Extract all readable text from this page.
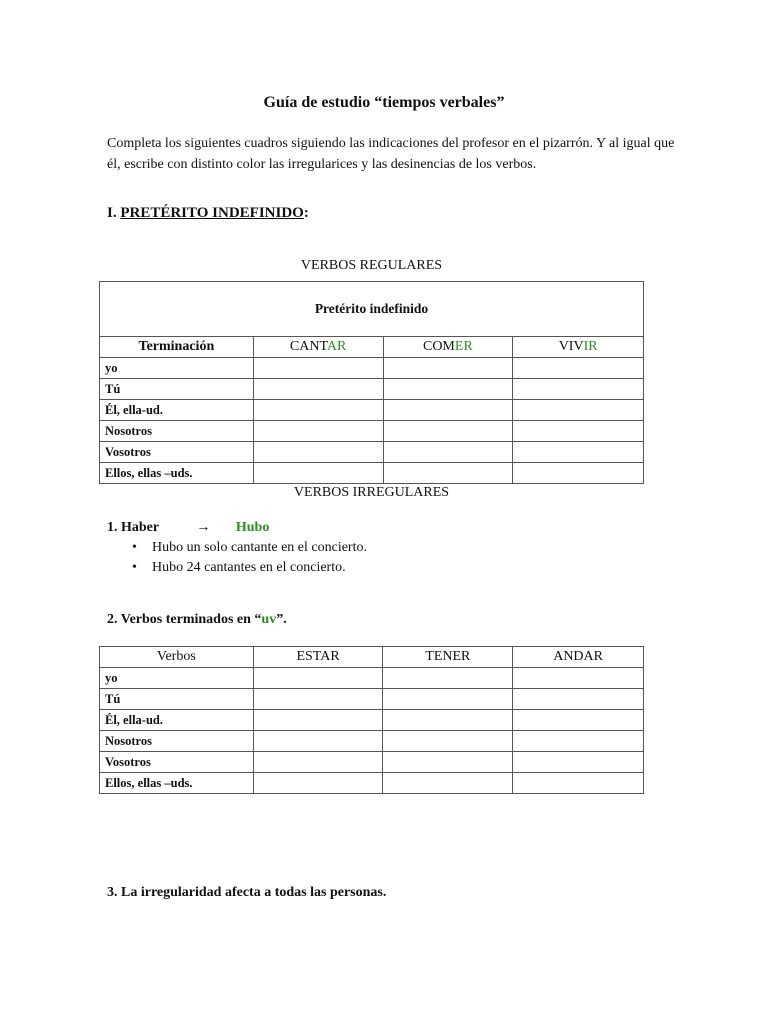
Guía de estudio “tiempos verbales”
Completa los siguientes cuadros siguiendo las indicaciones del profesor en el pizarrón. Y al igual que él, escribe con distinto color las irregularices y las desinencias de los verbos.
I. PRETÉRITO INDEFINIDO:
VERBOS REGULARES
Pretérito indefinido			
Terminación	CANTAR	COMER	VIVIR
yo			
Tú			
Él, ella-ud.			
Nosotros			
Vosotros			
Ellos, ellas –uds.			
VERBOS IRREGULARES
1. Haber	→ Hubo
• Hubo un solo cantante en el concierto.
• Hubo 24 cantantes en el concierto.
2. Verbos terminados en “uv”.
Verbos	ESTAR	TENER	ANDAR
yo			
Tú			
Él, ella-ud.			
Nosotros			
Vosotros			
Ellos, ellas –uds.			
3. La irregularidad afecta a todas las personas.
